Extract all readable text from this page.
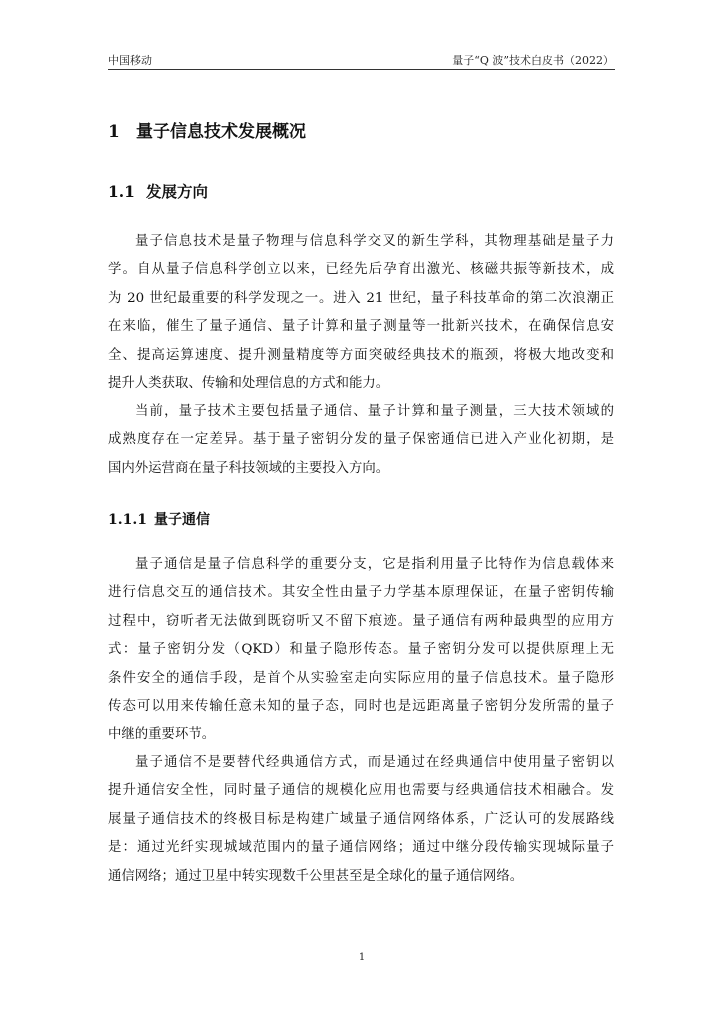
中国移动	量子“Q 波”技术白皮书（2022）
1 量子信息技术发展概况
1.1 发展方向
量子信息技术是量子物理与信息科学交叉的新生学科，其物理基础是量子力
学。自从量子信息科学创立以来，已经先后孕育出激光、核磁共振等新技术，成
为 20 世纪最重要的科学发现之一。进入 21 世纪，量子科技革命的第二次浪潮正
在来临，催生了量子通信、量子计算和量子测量等一批新兴技术，在确保信息安
全、提高运算速度、提升测量精度等方面突破经典技术的瓶颈，将极大地改变和
提升人类获取、传输和处理信息的方式和能力。
当前，量子技术主要包括量子通信、量子计算和量子测量，三大技术领域的
成熟度存在一定差异。基于量子密钥分发的量子保密通信已进入产业化初期，是
国内外运营商在量子科技领域的主要投入方向。
1.1.1 量子通信
量子通信是量子信息科学的重要分支，它是指利用量子比特作为信息载体来
进行信息交互的通信技术。其安全性由量子力学基本原理保证，在量子密钥传输
过程中，窃听者无法做到既窃听又不留下痕迹。量子通信有两种最典型的应用方
式：量子密钥分发（QKD）和量子隐形传态。量子密钥分发可以提供原理上无
条件安全的通信手段，是首个从实验室走向实际应用的量子信息技术。量子隐形
传态可以用来传输任意未知的量子态，同时也是远距离量子密钥分发所需的量子
中继的重要环节。
量子通信不是要替代经典通信方式，而是通过在经典通信中使用量子密钥以
提升通信安全性，同时量子通信的规模化应用也需要与经典通信技术相融合。发
展量子通信技术的终极目标是构建广域量子通信网络体系，广泛认可的发展路线
是：通过光纤实现城域范围内的量子通信网络；通过中继分段传输实现城际量子
通信网络；通过卫星中转实现数千公里甚至是全球化的量子通信网络。
1
